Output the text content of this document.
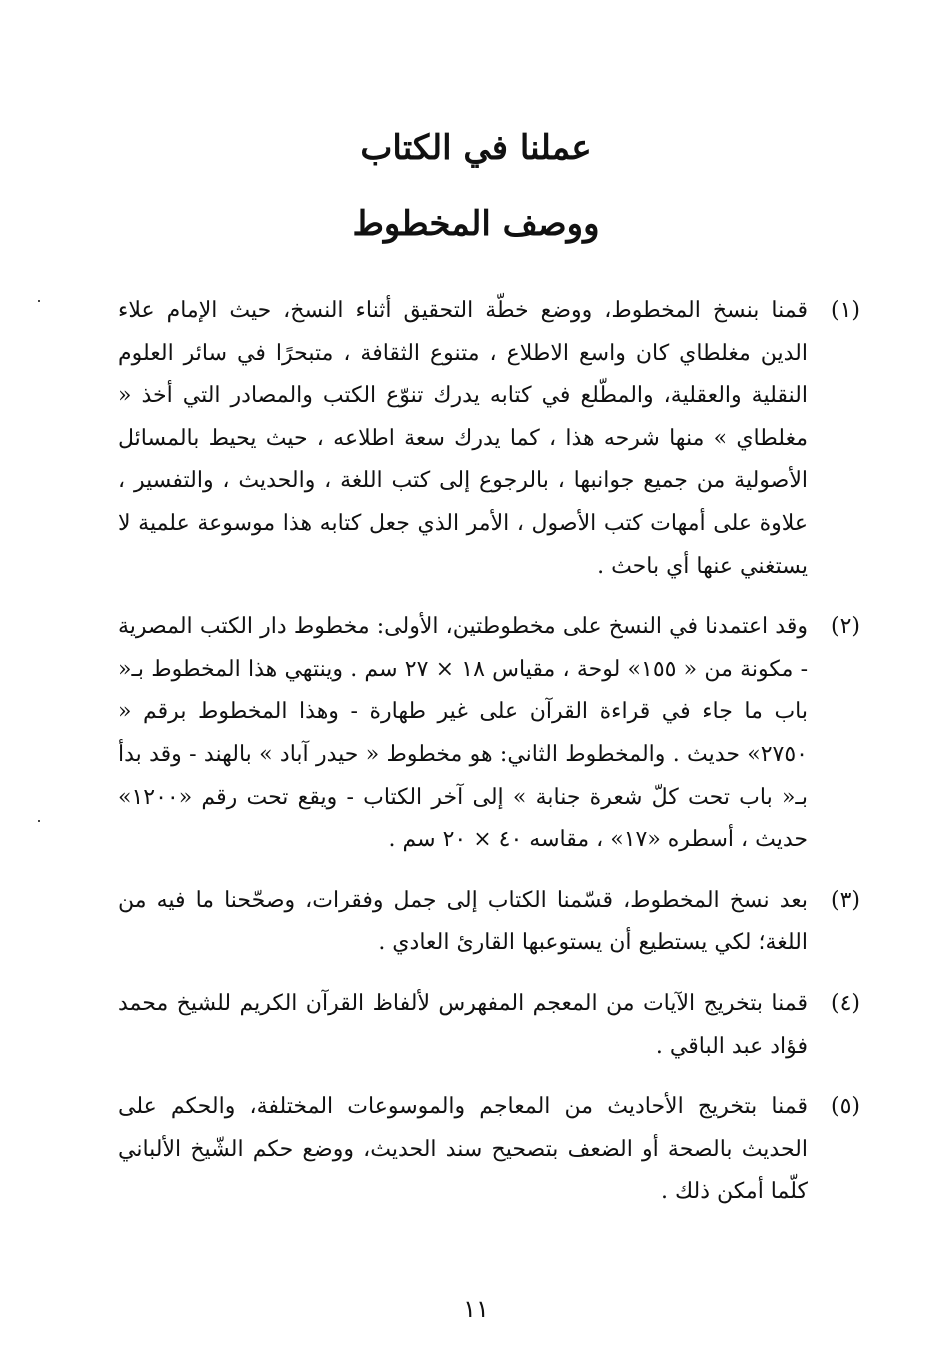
عملنا في الكتاب
ووصف المخطوط
(١)
قمنا بنسخ المخطوط، ووضع خطّة التحقيق أثناء النسخ، حيث الإمام علاء الدين مغلطاي كان واسع الاطلاع ، متنوع الثقافة ، متبحرًا في سائر العلوم النقلية والعقلية، والمطّلع في كتابه يدرك تنوّع الكتب والمصادر التي أخذ « مغلطاي » منها شرحه هذا ، كما يدرك سعة اطلاعه ، حيث يحيط بالمسائل الأصولية من جميع جوانبها ، بالرجوع إلى كتب اللغة ، والحديث ، والتفسير ، علاوة على أمهات كتب الأصول ، الأمر الذي جعل كتابه هذا موسوعة علمية لا يستغني عنها أي باحث .
(٢)
وقد اعتمدنا في النسخ على مخطوطتين، الأولى: مخطوط دار الكتب المصرية - مكونة من « ١٥٥» لوحة ، مقياس ١٨ × ٢٧ سم . وينتهي هذا المخطوط بـ« باب ما جاء في قراءة القرآن على غير طهارة - وهذا المخطوط برقم « ٢٧٥٠» حديث . والمخطوط الثاني: هو مخطوط « حيدر آباد » بالهند - وقد بدأ بـ« باب تحت كلّ شعرة جنابة » إلى آخر الكتاب - ويقع تحت رقم «١٢٠٠» حديث ، أسطره «١٧» ، مقاسه ٤٠ × ٢٠ سم .
(٣)
بعد نسخ المخطوط، قسّمنا الكتاب إلى جمل وفقرات، وصحّحنا ما فيه من اللغة؛ لكي يستطيع أن يستوعبها القارئ العادي .
(٤)
قمنا بتخريج الآيات من المعجم المفهرس لألفاظ القرآن الكريم للشيخ محمد فؤاد عبد الباقي .
(٥)
قمنا بتخريج الأحاديث من المعاجم والموسوعات المختلفة، والحكم على الحديث بالصحة أو الضعف بتصحيح سند الحديث، ووضع حكم الشّيخ الألباني كلّما أمكن ذلك .
١١
